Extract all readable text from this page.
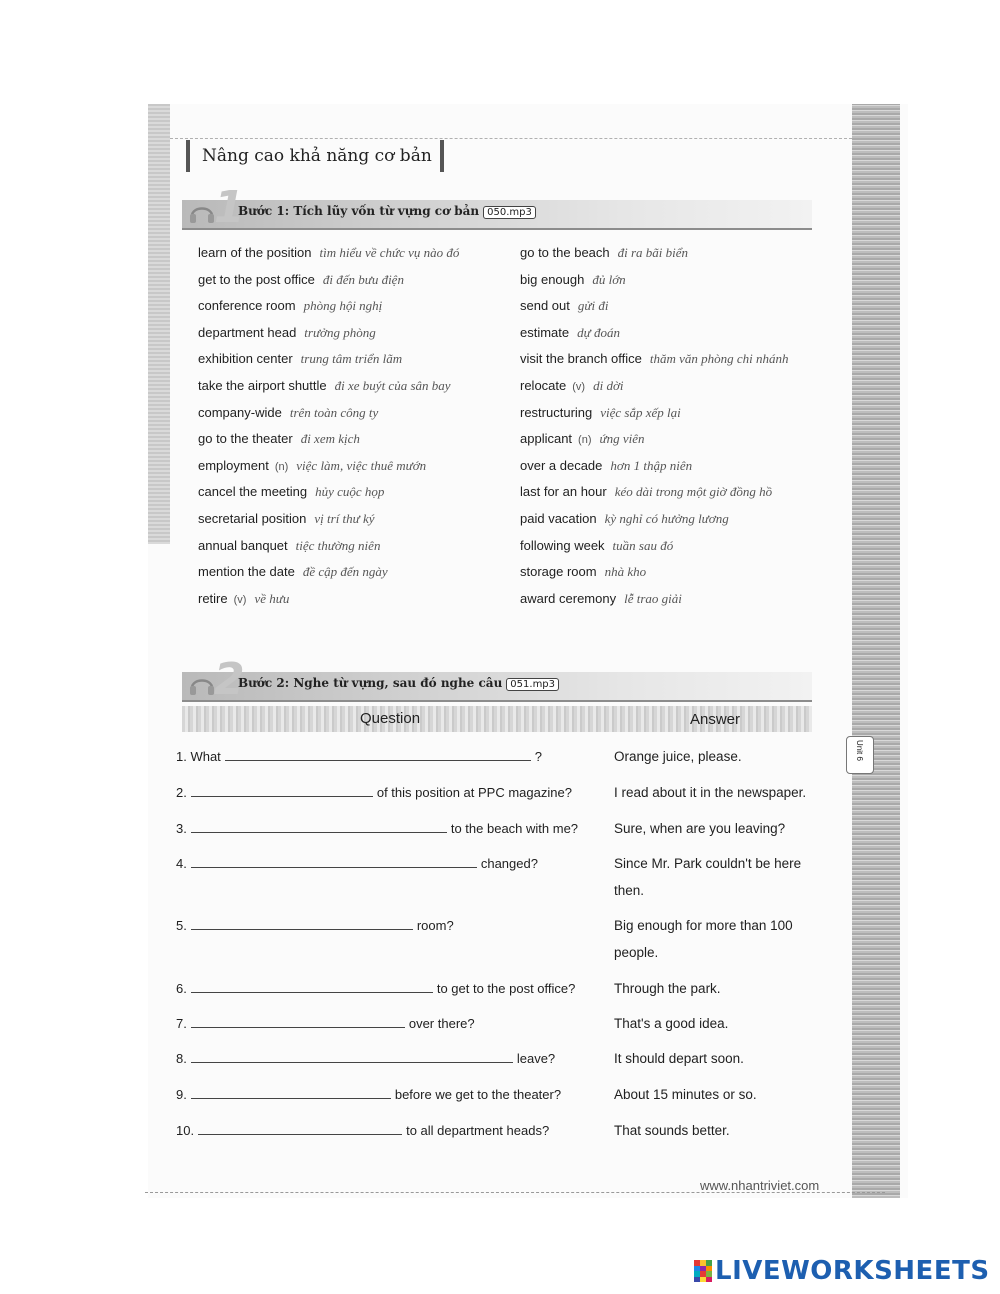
Nâng cao khả năng cơ bản
1
Bước 1: Tích lũy vốn từ vựng cơ bản 050.mp3
learn of the position tìm hiểu về chức vụ nào đó
get to the post office đi đến bưu điện
conference room phòng hội nghị
department head trưởng phòng
exhibition center trung tâm triển lãm
take the airport shuttle đi xe buýt của sân bay
company-wide trên toàn công ty
go to the theater đi xem kịch
employment (n) việc làm, việc thuê mướn
cancel the meeting hủy cuộc họp
secretarial position vị trí thư ký
annual banquet tiệc thường niên
mention the date đề cập đến ngày
retire (v) về hưu
go to the beach đi ra bãi biển
big enough đủ lớn
send out gửi đi
estimate dự đoán
visit the branch office thăm văn phòng chi nhánh
relocate (v) di dời
restructuring việc sắp xếp lại
applicant (n) ứng viên
over a decade hơn 1 thập niên
last for an hour kéo dài trong một giờ đồng hồ
paid vacation kỳ nghỉ có hưởng lương
following week tuần sau đó
storage room nhà kho
award ceremony lễ trao giải
2
Bước 2: Nghe từ vựng, sau đó nghe câu 051.mp3
Question	Answer
1. What	?	Orange juice, please.
2.	of this position at PPC magazine?	I read about it in the newspaper.
3.	to the beach with me?	Sure, when are you leaving?
4.	changed?	Since Mr. Park couldn't be here then.
5.	room?	Big enough for more than 100 people.
6.	to get to the post office?	Through the park.
7.	over there?	That's a good idea.
8.	leave?	It should depart soon.
9.	before we get to the theater?	About 15 minutes or so.
10.	to all department heads?	That sounds better.
Unit 6
www.nhantriviet.com
LIVEWORKSHEETS
